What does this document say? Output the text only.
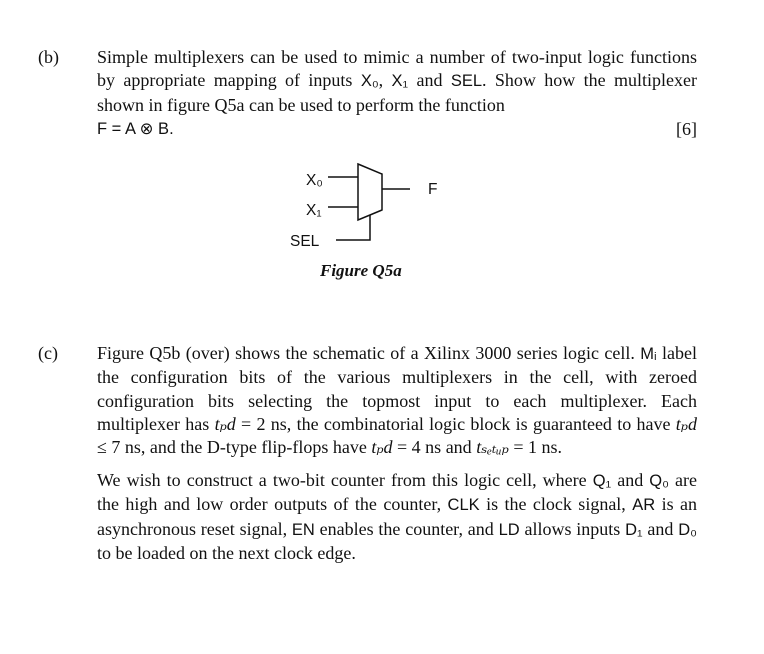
(b) Simple multiplexers can be used to mimic a number of two-input logic functions by appropriate mapping of inputs X₀, X₁ and SEL. Show how the multiplexer shown in figure Q5a can be used to perform the function
F = A ⊗ B.	[6]
X₀
X₁
SEL
F
Figure Q5a
(c) Figure Q5b (over) shows the schematic of a Xilinx 3000 series logic cell. Mᵢ label the configuration bits of the various multiplexers in the cell, with zeroed configuration bits selecting the topmost input to each multiplexer. Each multiplexer has tₚd = 2 ns, the combinatorial logic block is guaranteed to have tₚd ≤ 7 ns, and the D-type flip-flops have tₚd = 4 ns and tₛₑₜᵤₚ = 1 ns.

We wish to construct a two-bit counter from this logic cell, where Q₁ and Q₀ are the high and low order outputs of the counter, CLK is the clock signal, AR is an asynchronous reset signal, EN enables the counter, and LD allows inputs D₁ and D₀ to be loaded on the next clock edge.
